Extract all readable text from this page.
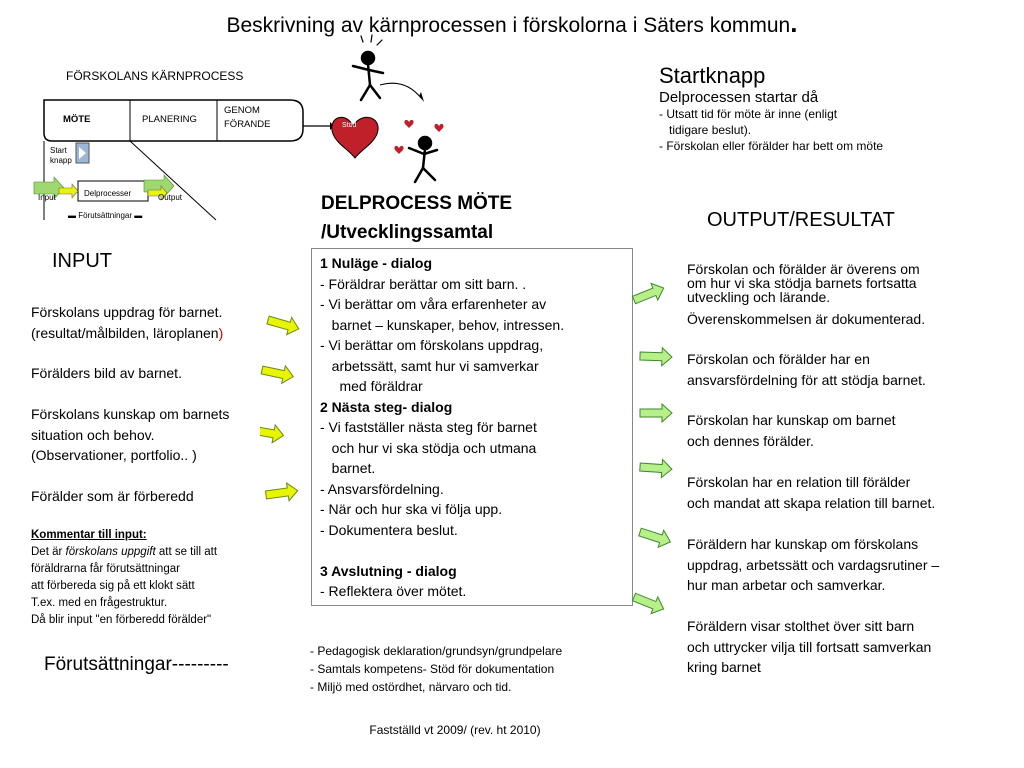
Beskrivning av kärnprocessen i förskolorna i Säters kommun.
FÖRSKOLANS KÄRNPROCESS
MÖTE	PLANERING
GENOM
FÖRANDE
Start
knapp
Input	Delprocesser	Output
▬ Förutsättningar ▬
Stöd
Startknapp
Delprocessen startar då
- Utsatt tid för möte är inne (enligt
tidigare beslut).
- Förskolan eller förälder har bett om möte
DELPROCESS MÖTE
/Utvecklingssamtal
1 Nuläge - dialog
- Föräldrar berättar om sitt barn. .
- Vi berättar om våra erfarenheter av
barnet – kunskaper, behov, intressen.
- Vi berättar om förskolans uppdrag,
arbetssätt, samt hur vi samverkar
med föräldrar
2 Nästa steg- dialog
- Vi fastställer nästa steg för barnet
och hur vi ska stödja och utmana
barnet.
- Ansvarsfördelning.
- När och hur ska vi följa upp.
- Dokumentera beslut.

3 Avslutning - dialog
- Reflektera över mötet.
INPUT
Förskolans uppdrag för barnet.
(resultat/målbilden, läroplanen)
Förälders bild av barnet.
Förskolans kunskap om barnets
situation och behov.
(Observationer, portfolio.. )
Förälder som är förberedd
Kommentar till input:
Det är förskolans uppgift att se till att
föräldrarna får förutsättningar
att förbereda sig på ett klokt sätt
T.ex. med en frågestruktur.
Då blir input "en förberedd förälder"
OUTPUT/RESULTAT
Förskolan och förälder är överens om
om hur vi ska stödja barnets fortsatta
utveckling och lärande.
Överenskommelsen är dokumenterad.
Förskolan och förälder har en
ansvarsfördelning för att stödja barnet.
Förskolan har kunskap om barnet
och dennes förälder.
Förskolan har en relation till förälder
och mandat att skapa relation till barnet.
Föräldern har kunskap om förskolans
uppdrag, arbetssätt och vardagsrutiner –
hur man arbetar och samverkar.
Föräldern visar stolthet över sitt barn
och uttrycker vilja till fortsatt samverkan
kring barnet
Förutsättningar---------
- Pedagogisk deklaration/grundsyn/grundpelare
- Samtals kompetens- Stöd för dokumentation
- Miljö med ostördhet, närvaro och tid.
Fastställd vt 2009/ (rev. ht 2010)
